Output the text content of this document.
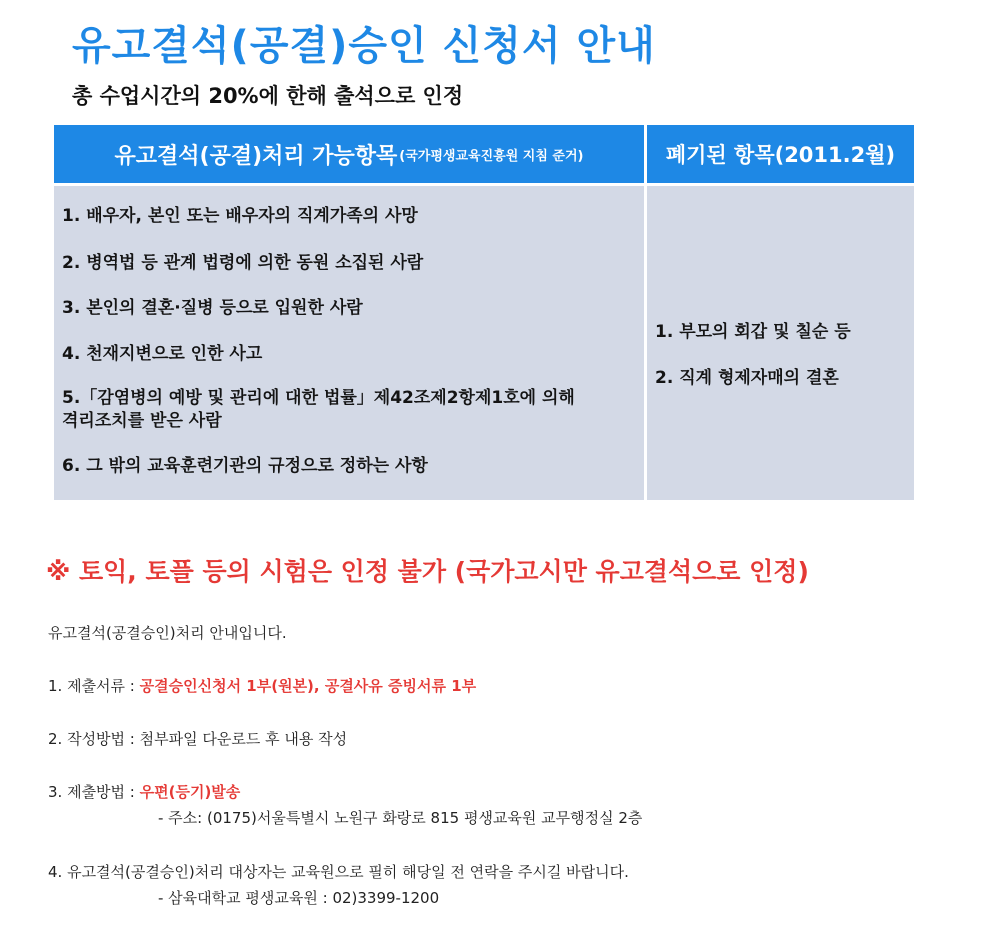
유고결석(공결)승인 신청서 안내
총 수업시간의 20%에 한해 출석으로 인정
유고결석(공결)처리 가능항목 (국가평생교육진흥원 지침 준거)	폐기된 항목(2011.2월)
1. 배우자, 본인 또는 배우자의 직계가족의 사망
2. 병역법 등 관계 법령에 의한 동원 소집된 사람
3. 본인의 결혼·질병 등으로 입원한 사람
4. 천재지변으로 인한 사고
5.「감염병의 예방 및 관리에 대한 법률」제42조제2항제1호에 의해
격리조치를 받은 사람
6. 그 밖의 교육훈련기관의 규정으로 정하는 사항
1. 부모의 회갑 및 칠순 등
2. 직계 형제자매의 결혼
※ 토익, 토플 등의 시험은 인정 불가 (국가고시만 유고결석으로 인정)
유고결석(공결승인)처리 안내입니다.
1. 제출서류 : 공결승인신청서 1부(원본), 공결사유 증빙서류 1부
2. 작성방법 : 첨부파일 다운로드 후 내용 작성
3. 제출방법 : 우편(등기)발송
- 주소: (0175)서울특별시 노원구 화랑로 815 평생교육원 교무행정실 2층
4. 유고결석(공결승인)처리 대상자는 교육원으로 필히 해당일 전 연락을 주시길 바랍니다.
- 삼육대학교 평생교육원 : 02)3399-1200
